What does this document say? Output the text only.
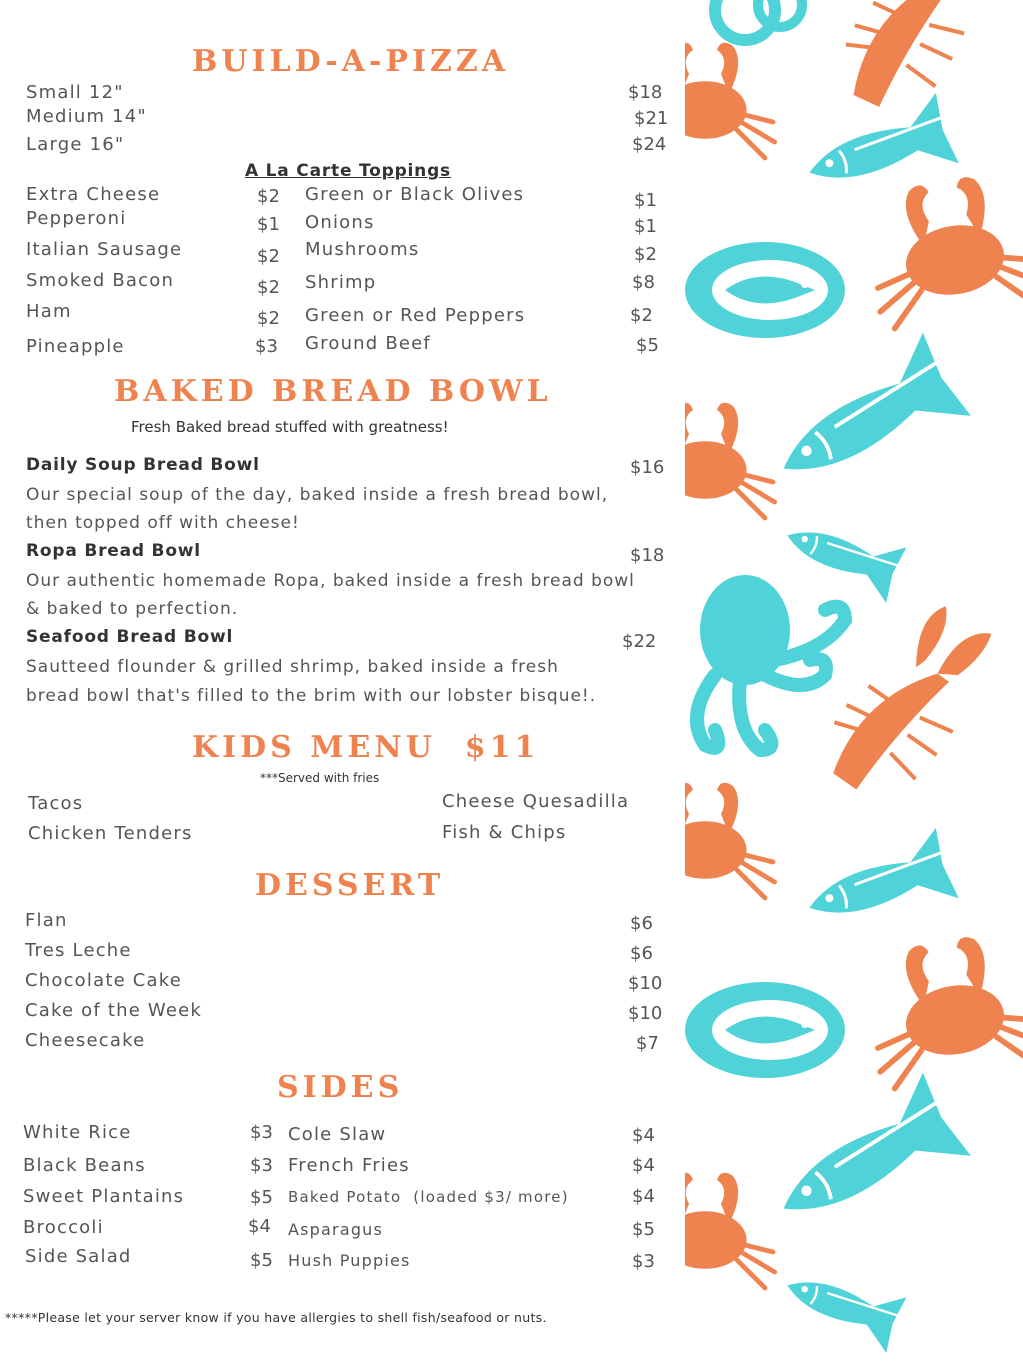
BUILD-A-PIZZA
Small 12"	$18
Medium 14"	$21
Large 16"	$24
A La Carte Toppings
Extra Cheese	$2
Pepperoni	$1
Italian Sausage	$2
Smoked Bacon	$2
Ham	$2
Pineapple	$3
Green or Black Olives	$1
Onions	$1
Mushrooms	$2
Shrimp	$8
Green or Red Peppers	$2
Ground Beef	$5
BAKED BREAD BOWL
Fresh Baked bread stuffed with greatness!
Daily Soup Bread Bowl	$16
Our special soup of the day, baked inside a fresh bread bowl,
then topped off with cheese!
Ropa Bread Bowl	$18
Our authentic homemade Ropa, baked inside a fresh bread bowl
& baked to perfection.
Seafood Bread Bowl	$22
Sautteed flounder & grilled shrimp, baked inside a fresh
bread bowl that's filled to the brim with our lobster bisque!.
KIDS MENU  $11
***Served with fries
Tacos
Chicken Tenders
Cheese Quesadilla
Fish & Chips
DESSERT
Flan	$6
Tres Leche	$6
Chocolate Cake	$10
Cake of the Week	$10
Cheesecake	$7
SIDES
White Rice	$3
Black Beans	$3
Sweet Plantains	$5
Broccoli	$4
Side Salad	$5
Cole Slaw	$4
French Fries	$4
Baked Potato  (loaded $3/ more)	$4
Asparagus	$5
Hush Puppies	$3
*****Please let your server know if you have allergies to shell fish/seafood or nuts.
